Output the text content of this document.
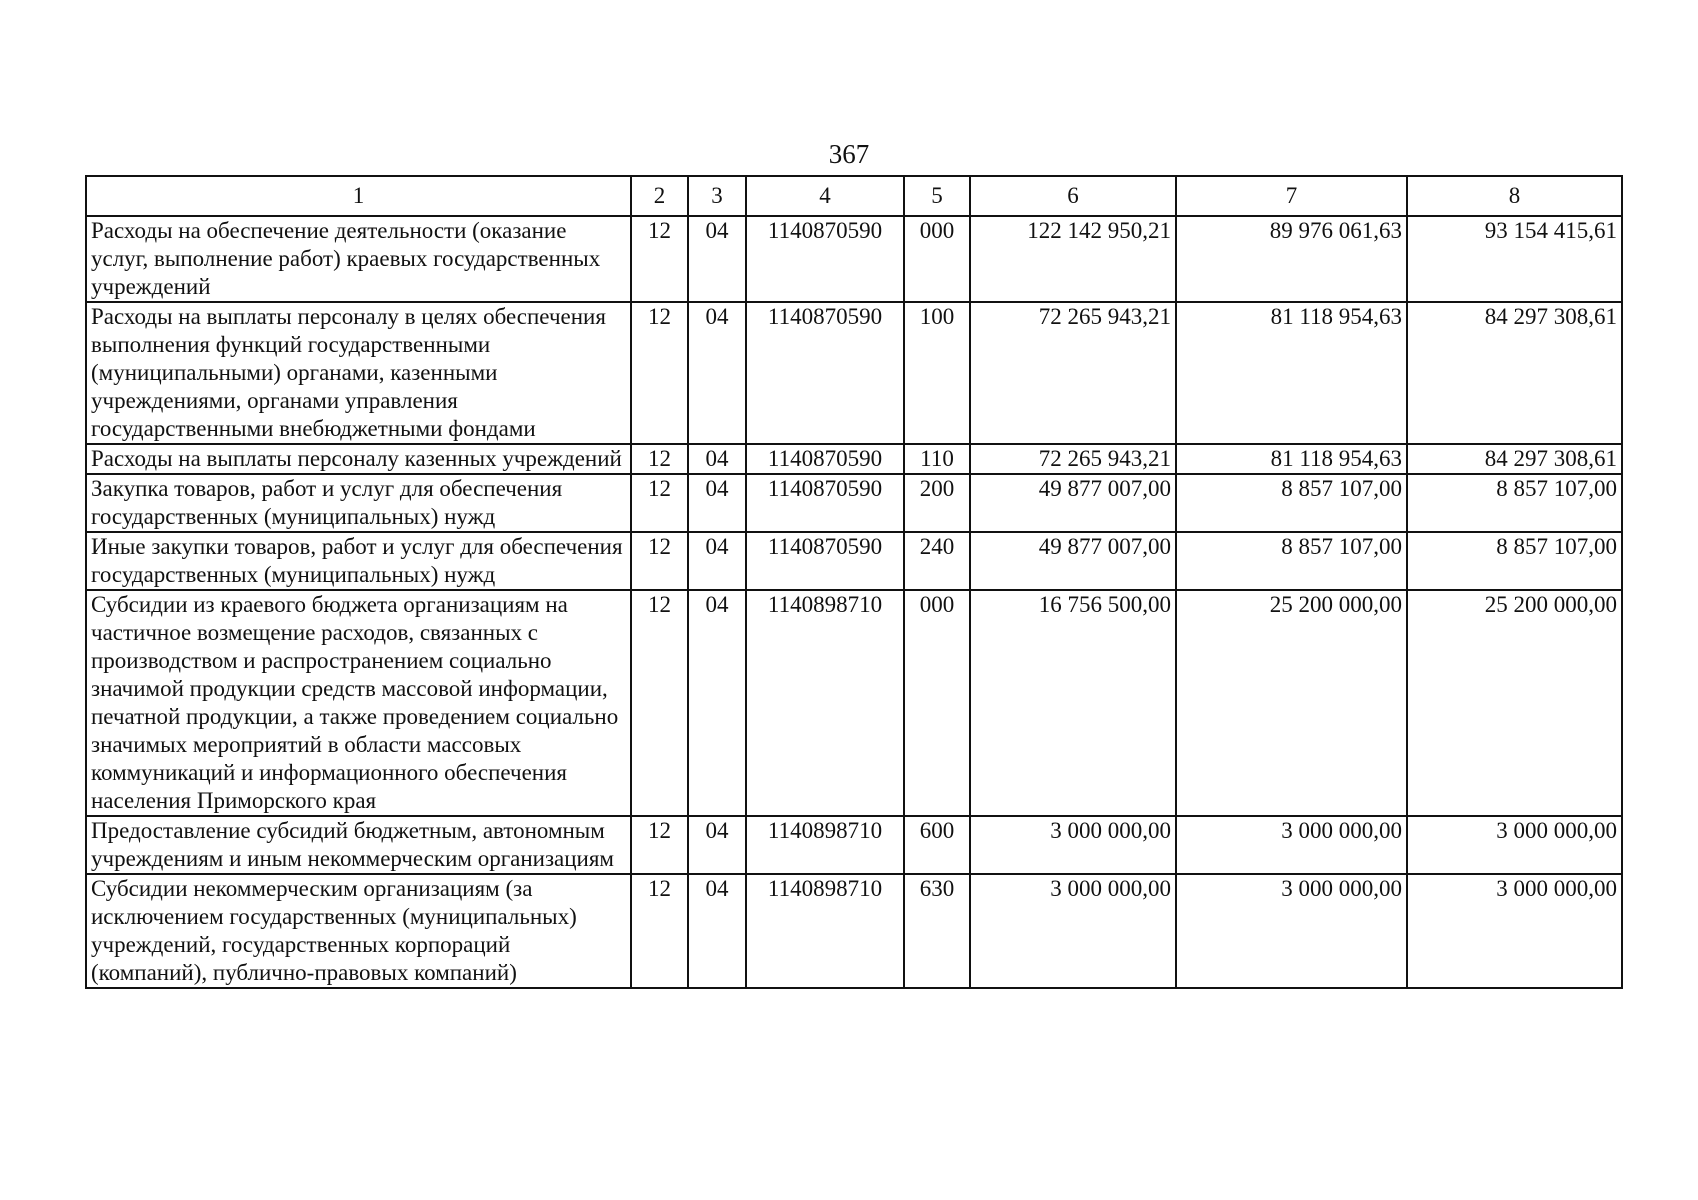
367
1	2	3	4	5	6	7	8
Расходы на обеспечение деятельности (оказание услуг, выполнение работ) краевых государственных учреждений	12	04	1140870590	000	122 142 950,21	89 976 061,63	93 154 415,61
Расходы на выплаты персоналу в целях обеспечения выполнения функций государственными (муниципальными) органами, казенными учреждениями, органами управления государственными внебюджетными фондами	12	04	1140870590	100	72 265 943,21	81 118 954,63	84 297 308,61
Расходы на выплаты персоналу казенных учреждений	12	04	1140870590	110	72 265 943,21	81 118 954,63	84 297 308,61
Закупка товаров, работ и услуг для обеспечения государственных (муниципальных) нужд	12	04	1140870590	200	49 877 007,00	8 857 107,00	8 857 107,00
Иные закупки товаров, работ и услуг для обеспечения государственных (муниципальных) нужд	12	04	1140870590	240	49 877 007,00	8 857 107,00	8 857 107,00
Субсидии из краевого бюджета организациям на частичное возмещение расходов, связанных с производством и распространением социально значимой продукции средств массовой информации, печатной продукции, а также проведением социально значимых мероприятий в области массовых коммуникаций и информационного обеспечения населения Приморского края	12	04	1140898710	000	16 756 500,00	25 200 000,00	25 200 000,00
Предоставление субсидий бюджетным, автономным учреждениям и иным некоммерческим организациям	12	04	1140898710	600	3 000 000,00	3 000 000,00	3 000 000,00
Субсидии некоммерческим организациям (за исключением государственных (муниципальных) учреждений, государственных корпораций (компаний), публично-правовых компаний)	12	04	1140898710	630	3 000 000,00	3 000 000,00	3 000 000,00
